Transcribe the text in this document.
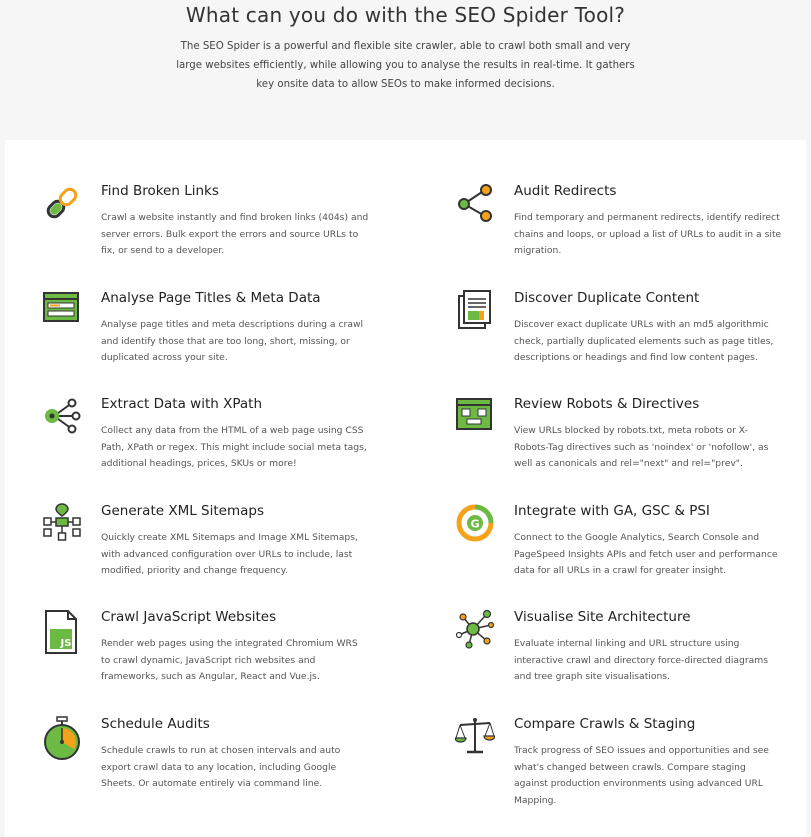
What can you do with the SEO Spider Tool?

The SEO Spider is a powerful and flexible site crawler, able to crawl both small and very large websites efficiently, while allowing you to analyse the results in real-time. It gathers key onsite data to allow SEOs to make informed decisions.

Find Broken Links

Crawl a website instantly and find broken links (404s) and server errors. Bulk export the errors and source URLs to fix, or send to a developer.

Audit Redirects

Find temporary and permanent redirects, identify redirect chains and loops, or upload a list of URLs to audit in a site migration.

Analyse Page Titles & Meta Data

Analyse page titles and meta descriptions during a crawl and identify those that are too long, short, missing, or duplicated across your site.

Discover Duplicate Content

Discover exact duplicate URLs with an md5 algorithmic check, partially duplicated elements such as page titles, descriptions or headings and find low content pages.

Extract Data with XPath

Collect any data from the HTML of a web page using CSS Path, XPath or regex. This might include social meta tags, additional headings, prices, SKUs or more!

Review Robots & Directives

View URLs blocked by robots.txt, meta robots or X-Robots-Tag directives such as 'noindex' or 'nofollow', as well as canonicals and rel="next" and rel="prev".

Generate XML Sitemaps

Quickly create XML Sitemaps and Image XML Sitemaps, with advanced configuration over URLs to include, last modified, priority and change frequency.

G
Integrate with GA, GSC & PSI

Connect to the Google Analytics, Search Console and PageSpeed Insights APIs and fetch user and performance data for all URLs in a crawl for greater insight.

JS
Crawl JavaScript Websites

Render web pages using the integrated Chromium WRS to crawl dynamic, JavaScript rich websites and frameworks, such as Angular, React and Vue.js.

Visualise Site Architecture

Evaluate internal linking and URL structure using interactive crawl and directory force-directed diagrams and tree graph site visualisations.

Schedule Audits

Schedule crawls to run at chosen intervals and auto export crawl data to any location, including Google Sheets. Or automate entirely via command line.

Compare Crawls & Staging

Track progress of SEO issues and opportunities and see what's changed between crawls. Compare staging against production environments using advanced URL Mapping.
